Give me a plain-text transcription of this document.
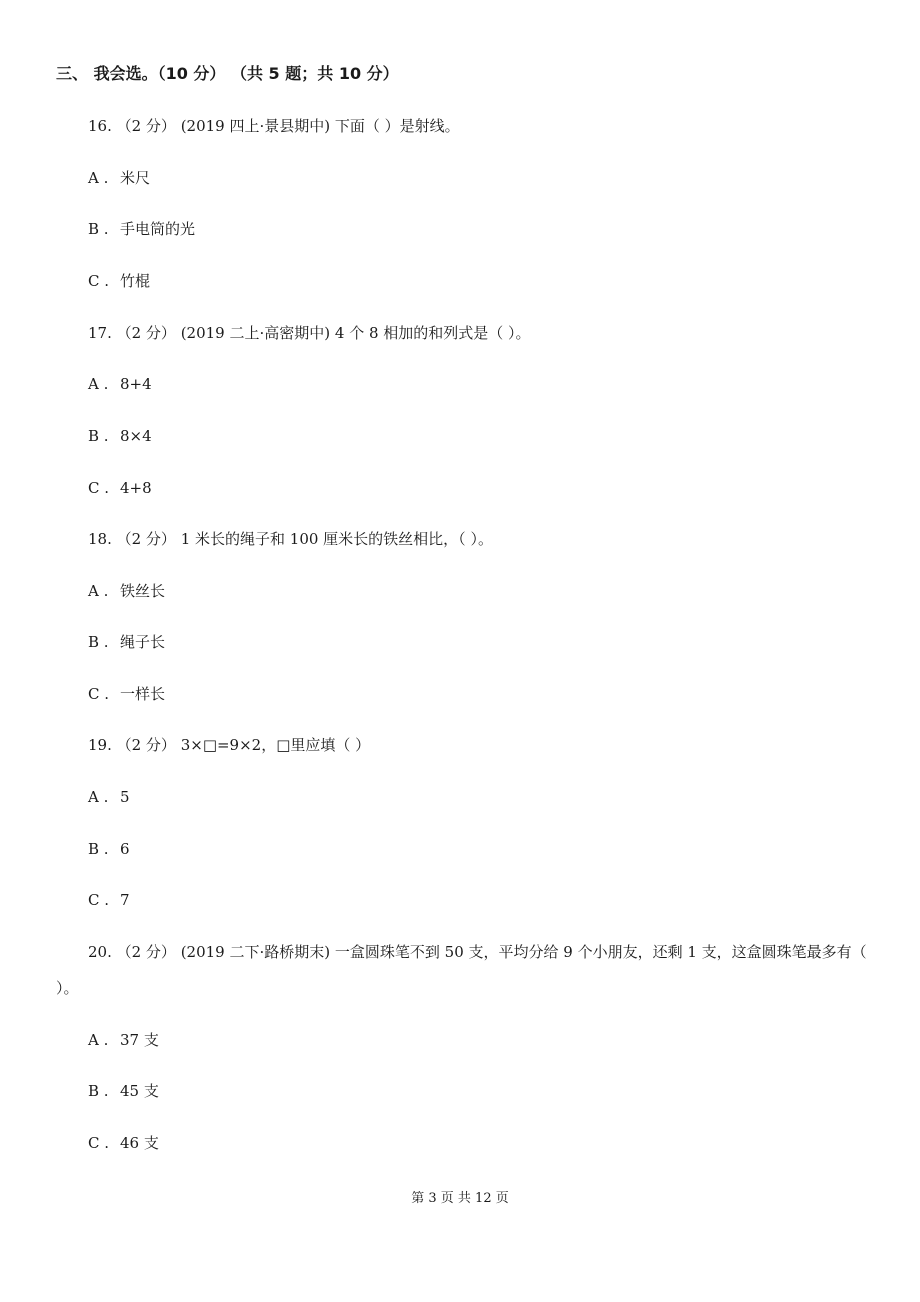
三、 我会选。（10 分） （共 5 题；共 10 分）
16. （2 分） (2019 四上·景县期中) 下面（ ）是射线。
A . 米尺
B . 手电筒的光
C . 竹棍
17. （2 分） (2019 二上·高密期中) 4 个 8 相加的和列式是（ ）。
A . 8+4
B . 8×4
C . 4+8
18. （2 分） 1 米长的绳子和 100 厘米长的铁丝相比，（ ）。
A . 铁丝长
B . 绳子长
C . 一样长
19. （2 分） 3×□=9×2，□里应填（ ）
A . 5
B . 6
C . 7
20. （2 分） (2019 二下·路桥期末) 一盒圆珠笔不到 50 支，平均分给 9 个小朋友，还剩 1 支，这盒圆珠笔最多有（ ）。
A . 37 支
B . 45 支
C . 46 支
第 3 页 共 12 页
